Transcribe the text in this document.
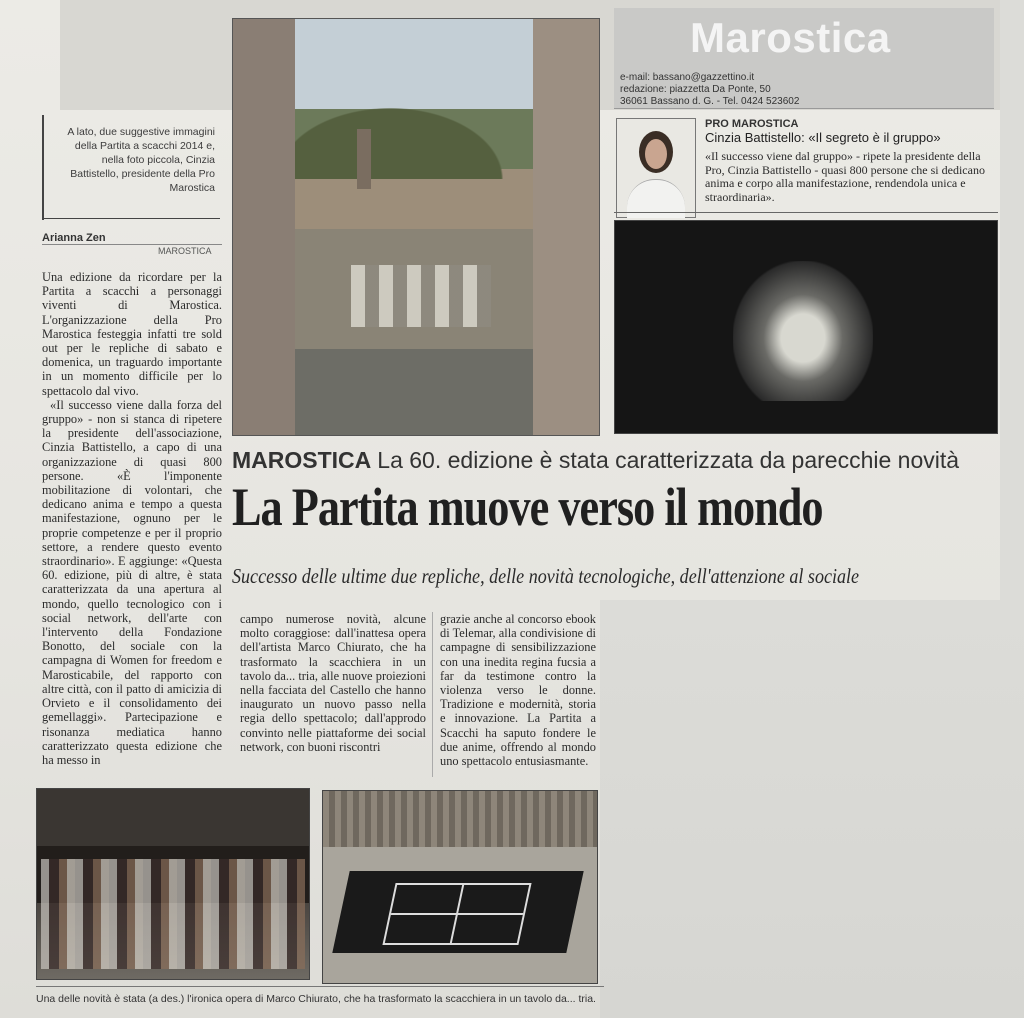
Marostica
e-mail: bassano@gazzettino.it
redazione: piazzetta Da Ponte, 50
36061 Bassano d. G. - Tel. 0424 523602
A lato, due suggestive immagini della Partita a scacchi 2014 e, nella foto piccola, Cinzia Battistello, presidente della Pro Marostica
Arianna Zen
MAROSTICA

Una edizione da ricordare per la Partita a scacchi a personaggi viventi di Marostica. L'organizzazione della Pro Marostica festeggia infatti tre sold out per le repliche di sabato e domenica, un traguardo importante in un momento difficile per lo spettacolo dal vivo.

«Il successo viene dalla forza del gruppo» - non si stanca di ripetere la presidente dell'associazione, Cinzia Battistello, a capo di una organizzazione di quasi 800 persone. «È l'imponente mobilitazione di volontari, che dedicano anima e tempo a questa manifestazione, ognuno per le proprie competenze e per il proprio settore, a rendere questo evento straordinario». E aggiunge: «Questa 60. edizione, più di altre, è stata caratterizzata da una apertura al mondo, quello tecnologico con i social network, dell'arte con l'intervento della Fondazione Bonotto, del sociale con la campagna di Women for freedom e Marosticabile, del rapporto con altre città, con il patto di amicizia di Orvieto e il consolidamento dei gemellaggi». Partecipazione e risonanza mediatica hanno caratterizzato questa edizione che ha messo in

PRO MAROSTICA
Cinzia Battistello: «Il segreto è il gruppo»
«Il successo viene dal gruppo» - ripete la presidente della Pro, Cinzia Battistello - quasi 800 persone che si dedicano anima e corpo alla manifestazione, rendendola unica e straordinaria».
MAROSTICA La 60. edizione è stata caratterizzata da parecchie novità
La Partita muove verso il mondo
Successo delle ultime due repliche, delle novità tecnologiche, dell'attenzione al sociale

campo numerose novità, alcune molto coraggiose: dall'inattesa opera dell'artista Marco Chiurato, che ha trasformato la scacchiera in un tavolo da... tria, alle nuove proiezioni nella facciata del Castello che hanno inaugurato un nuovo passo nella regia dello spettacolo; dall'approdo convinto nelle piattaforme dei social network, con buoni riscontri

grazie anche al concorso ebook di Telemar, alla condivisione di campagne di sensibilizzazione con una inedita regina fucsia a far da testimone contro la violenza verso le donne. Tradizione e modernità, storia e innovazione. La Partita a Scacchi ha saputo fondere le due anime, offrendo al mondo uno spettacolo entusiasmante.

Una delle novità è stata (a des.) l'ironica opera di Marco Chiurato, che ha trasformato la scacchiera in un tavolo da... tria.
